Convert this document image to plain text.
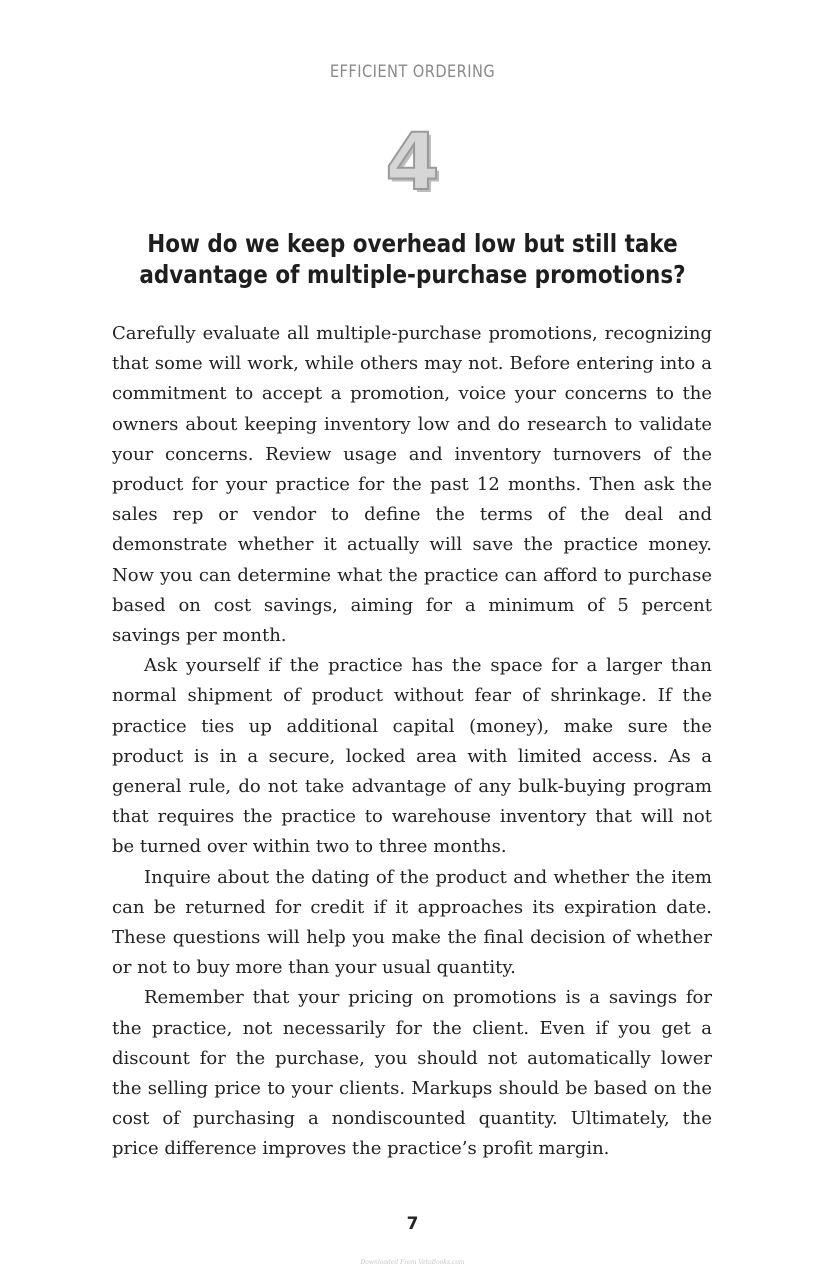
EFFICIENT ORDERING
4
How do we keep overhead low but still take advantage of multiple-purchase promotions?

Carefully evaluate all multiple-purchase promotions, recognizing that some will work, while others may not. Before entering into a commitment to accept a promotion, voice your concerns to the owners about keeping inventory low and do research to validate your concerns. Review usage and inventory turnovers of the product for your practice for the past 12 months. Then ask the sales rep or vendor to define the terms of the deal and demonstrate whether it actually will save the practice money. Now you can determine what the practice can afford to purchase based on cost savings, aiming for a minimum of 5 percent savings per month.

Ask yourself if the practice has the space for a larger than normal shipment of product without fear of shrinkage. If the practice ties up additional capital (money), make sure the product is in a secure, locked area with limited access. As a general rule, do not take advantage of any bulk-buying program that requires the practice to warehouse inventory that will not be turned over within two to three months.

Inquire about the dating of the product and whether the item can be returned for credit if it approaches its expiration date. These questions will help you make the final decision of whether or not to buy more than your usual quantity.

Remember that your pricing on promotions is a savings for the practice, not necessarily for the client. Even if you get a discount for the purchase, you should not automatically lower the selling price to your clients. Markups should be based on the cost of purchasing a nondiscounted quantity. Ultimately, the price difference improves the practice’s profit margin.

7
Downloaded From VetoBooks.com
